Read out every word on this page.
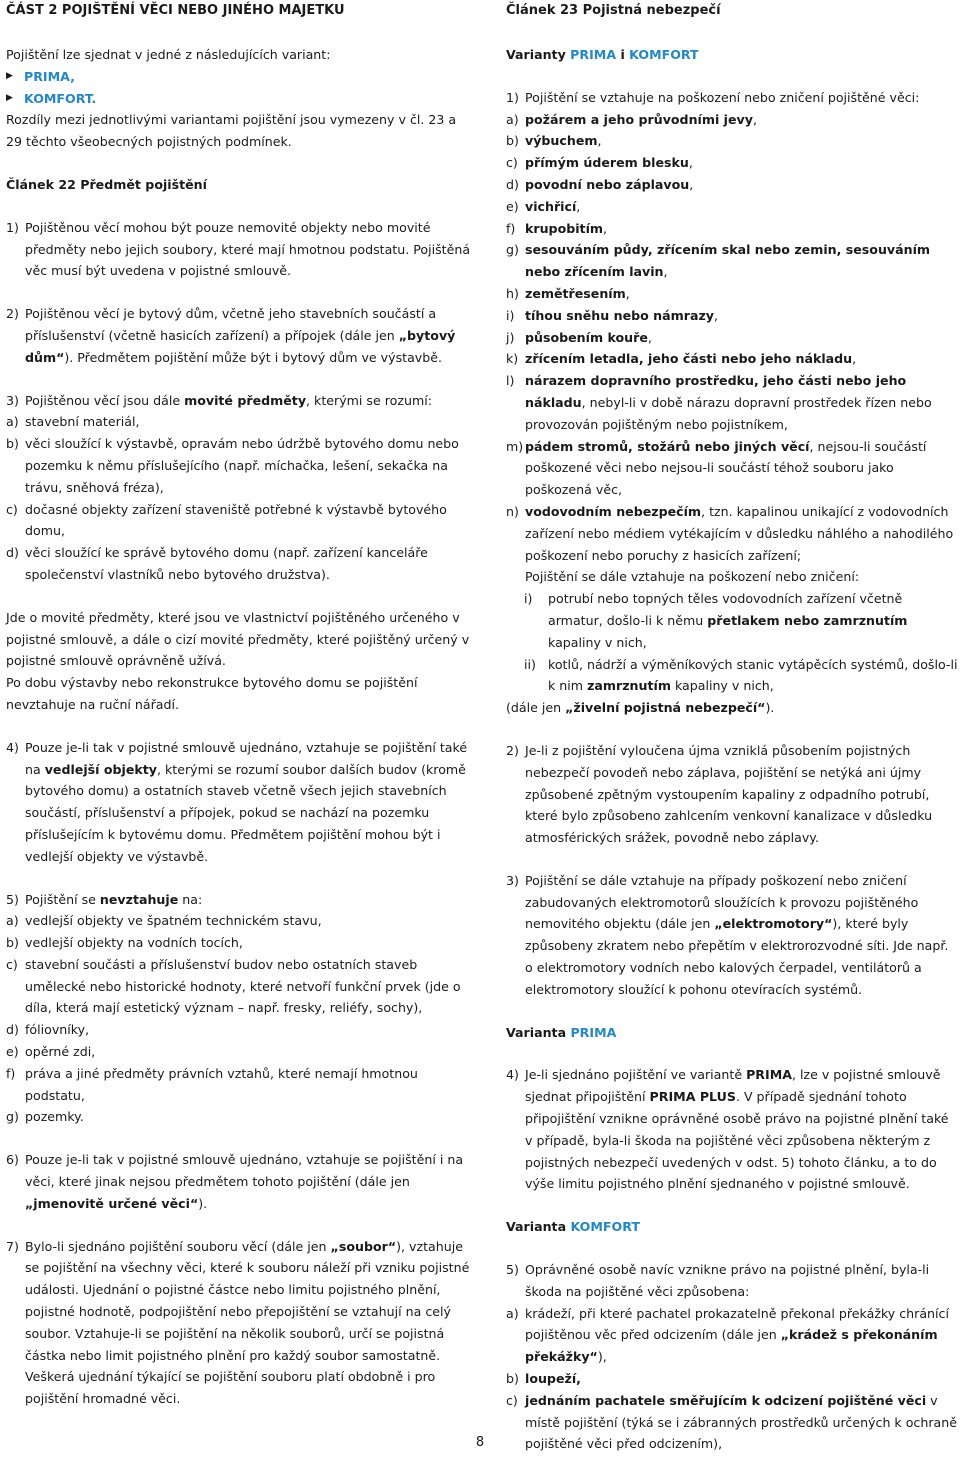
ČÁST 2 POJIŠTĚNÍ VĚCI NEBO JINÉHO MAJETKU

Pojištění lze sjednat v jedné z následujících variant:

▶ PRIMA,
▶ KOMFORT.

Rozdíly mezi jednotlivými variantami pojištění jsou vymezeny v čl. 23 a 29 těchto všeobecných pojistných podmínek.

Článek 22 Předmět pojištění

1) Pojištěnou věcí mohou být pouze nemovité objekty nebo movité předměty nebo jejich soubory, které mají hmotnou podstatu. Pojištěná věc musí být uvedena v pojistné smlouvě.
2) Pojištěnou věcí je bytový dům, včetně jeho stavebních součástí a příslušenství (včetně hasicích zařízení) a přípojek (dále jen „bytový dům“). Předmětem pojištění může být i bytový dům ve výstavbě.
3) Pojištěnou věcí jsou dále movité předměty, kterými se rozumí:
a) stavební materiál,
b) věci sloužící k výstavbě, opravám nebo údržbě bytového domu nebo pozemku k němu příslušejícího (např. míchačka, lešení, sekačka na trávu, sněhová fréza),
c) dočasné objekty zařízení staveniště potřebné k výstavbě bytového domu,
d) věci sloužící ke správě bytového domu (např. zařízení kanceláře společenství vlastníků nebo bytového družstva).

Jde o movité předměty, které jsou ve vlastnictví pojištěného určeného v pojistné smlouvě, a dále o cizí movité předměty, které pojištěný určený v pojistné smlouvě oprávněně užívá.

Po dobu výstavby nebo rekonstrukce bytového domu se pojištění nevztahuje na ruční nářadí.

4) Pouze je-li tak v pojistné smlouvě ujednáno, vztahuje se pojištění také na vedlejší objekty, kterými se rozumí soubor dalších budov (kromě bytového domu) a ostatních staveb včetně všech jejich stavebních součástí, příslušenství a přípojek, pokud se nachází na pozemku příslušejícím k bytovému domu. Předmětem pojištění mohou být i vedlejší objekty ve výstavbě.
5) Pojištění se nevztahuje na:
a) vedlejší objekty ve špatném technickém stavu,
b) vedlejší objekty na vodních tocích,
c) stavební součásti a příslušenství budov nebo ostatních staveb umělecké nebo historické hodnoty, které netvoří funkční prvek (jde o díla, která mají estetický význam – např. fresky, reliéfy, sochy),
d) fóliovníky,
e) opěrné zdi,
f) práva a jiné předměty právních vztahů, které nemají hmotnou podstatu,
g) pozemky.
6) Pouze je-li tak v pojistné smlouvě ujednáno, vztahuje se pojištění i na věci, které jinak nejsou předmětem tohoto pojištění (dále jen „jmenovitě určené věci“).
7) Bylo-li sjednáno pojištění souboru věcí (dále jen „soubor“), vztahuje se pojištění na všechny věci, které k souboru náleží při vzniku pojistné události. Ujednání o pojistné částce nebo limitu pojistného plnění, pojistné hodnotě, podpojištění nebo přepojištění se vztahují na celý soubor. Vztahuje-li se pojištění na několik souborů, určí se pojistná částka nebo limit pojistného plnění pro každý soubor samostatně. Veškerá ujednání týkající se pojištění souboru platí obdobně i pro pojištění hromadné věci.

Článek 23 Pojistná nebezpečí

Varianty PRIMA i KOMFORT

1) Pojištění se vztahuje na poškození nebo zničení pojištěné věci:
a) požárem a jeho průvodními jevy,
b) výbuchem,
c) přímým úderem blesku,
d) povodní nebo záplavou,
e) vichřicí,
f) krupobitím,
g) sesouváním půdy, zřícením skal nebo zemin, sesouváním nebo zřícením lavin,
h) zemětřesením,
i) tíhou sněhu nebo námrazy,
j) působením kouře,
k) zřícením letadla, jeho části nebo jeho nákladu,
l) nárazem dopravního prostředku, jeho části nebo jeho nákladu, nebyl-li v době nárazu dopravní prostředek řízen nebo provozován pojištěným nebo pojistníkem,
m) pádem stromů, stožárů nebo jiných věcí, nejsou-li součástí poškozené věci nebo nejsou-li součástí téhož souboru jako poškozená věc,
n) vodovodním nebezpečím, tzn. kapalinou unikající z vodovodních zařízení nebo médiem vytékajícím v důsledku náhlého a nahodilého poškození nebo poruchy z hasicích zařízení;

Pojištění se dále vztahuje na poškození nebo zničení:

i)	potrubí nebo topných těles vodovodních zařízení včetně armatur, došlo-li k němu přetlakem nebo zamrznutím kapaliny v nich,
ii) kotlů, nádrží a výměníkových stanic vytápěcích systémů, došlo-li k nim zamrznutím kapaliny v nich,

(dále jen „živelní pojistná nebezpečí“).

2) Je-li z pojištění vyloučena újma vzniklá působením pojistných nebezpečí povodeň nebo záplava, pojištění se netýká ani újmy způsobené zpětným vystoupením kapaliny z odpadního potrubí, které bylo způsobeno zahlcením venkovní kanalizace v důsledku atmosférických srážek, povodně nebo záplavy.
3) Pojištění se dále vztahuje na případy poškození nebo zničení zabudovaných elektromotorů sloužících k provozu pojištěného nemovitého objektu (dále jen „elektromotory“), které byly způsobeny zkratem nebo přepětím v elektrorozvodné síti. Jde např. o elektromotory vodních nebo kalových čerpadel, ventilátorů a elektromotory sloužící k pohonu otevíracích systémů.

Varianta PRIMA

4) Je-li sjednáno pojištění ve variantě PRIMA, lze v pojistné smlouvě sjednat připojištění PRIMA PLUS. V případě sjednání tohoto připojištění vznikne oprávněné osobě právo na pojistné plnění také v případě, byla-li škoda na pojištěné věci způsobena některým z pojistných nebezpečí uvedených v odst. 5) tohoto článku, a to do výše limitu pojistného plnění sjednaného v pojistné smlouvě.

Varianta KOMFORT

5) Oprávněné osobě navíc vznikne právo na pojistné plnění, byla-li škoda na pojištěné věci způsobena:
a) krádeží, při které pachatel prokazatelně překonal překážky chránící pojištěnou věc před odcizením (dále jen „krádež s překonáním překážky“),
b) loupeží,
c) jednáním pachatele směřujícím k odcizení pojištěné věci v místě pojištění (týká se i zábranných prostředků určených k ochraně pojištěné věci před odcizením),
8
